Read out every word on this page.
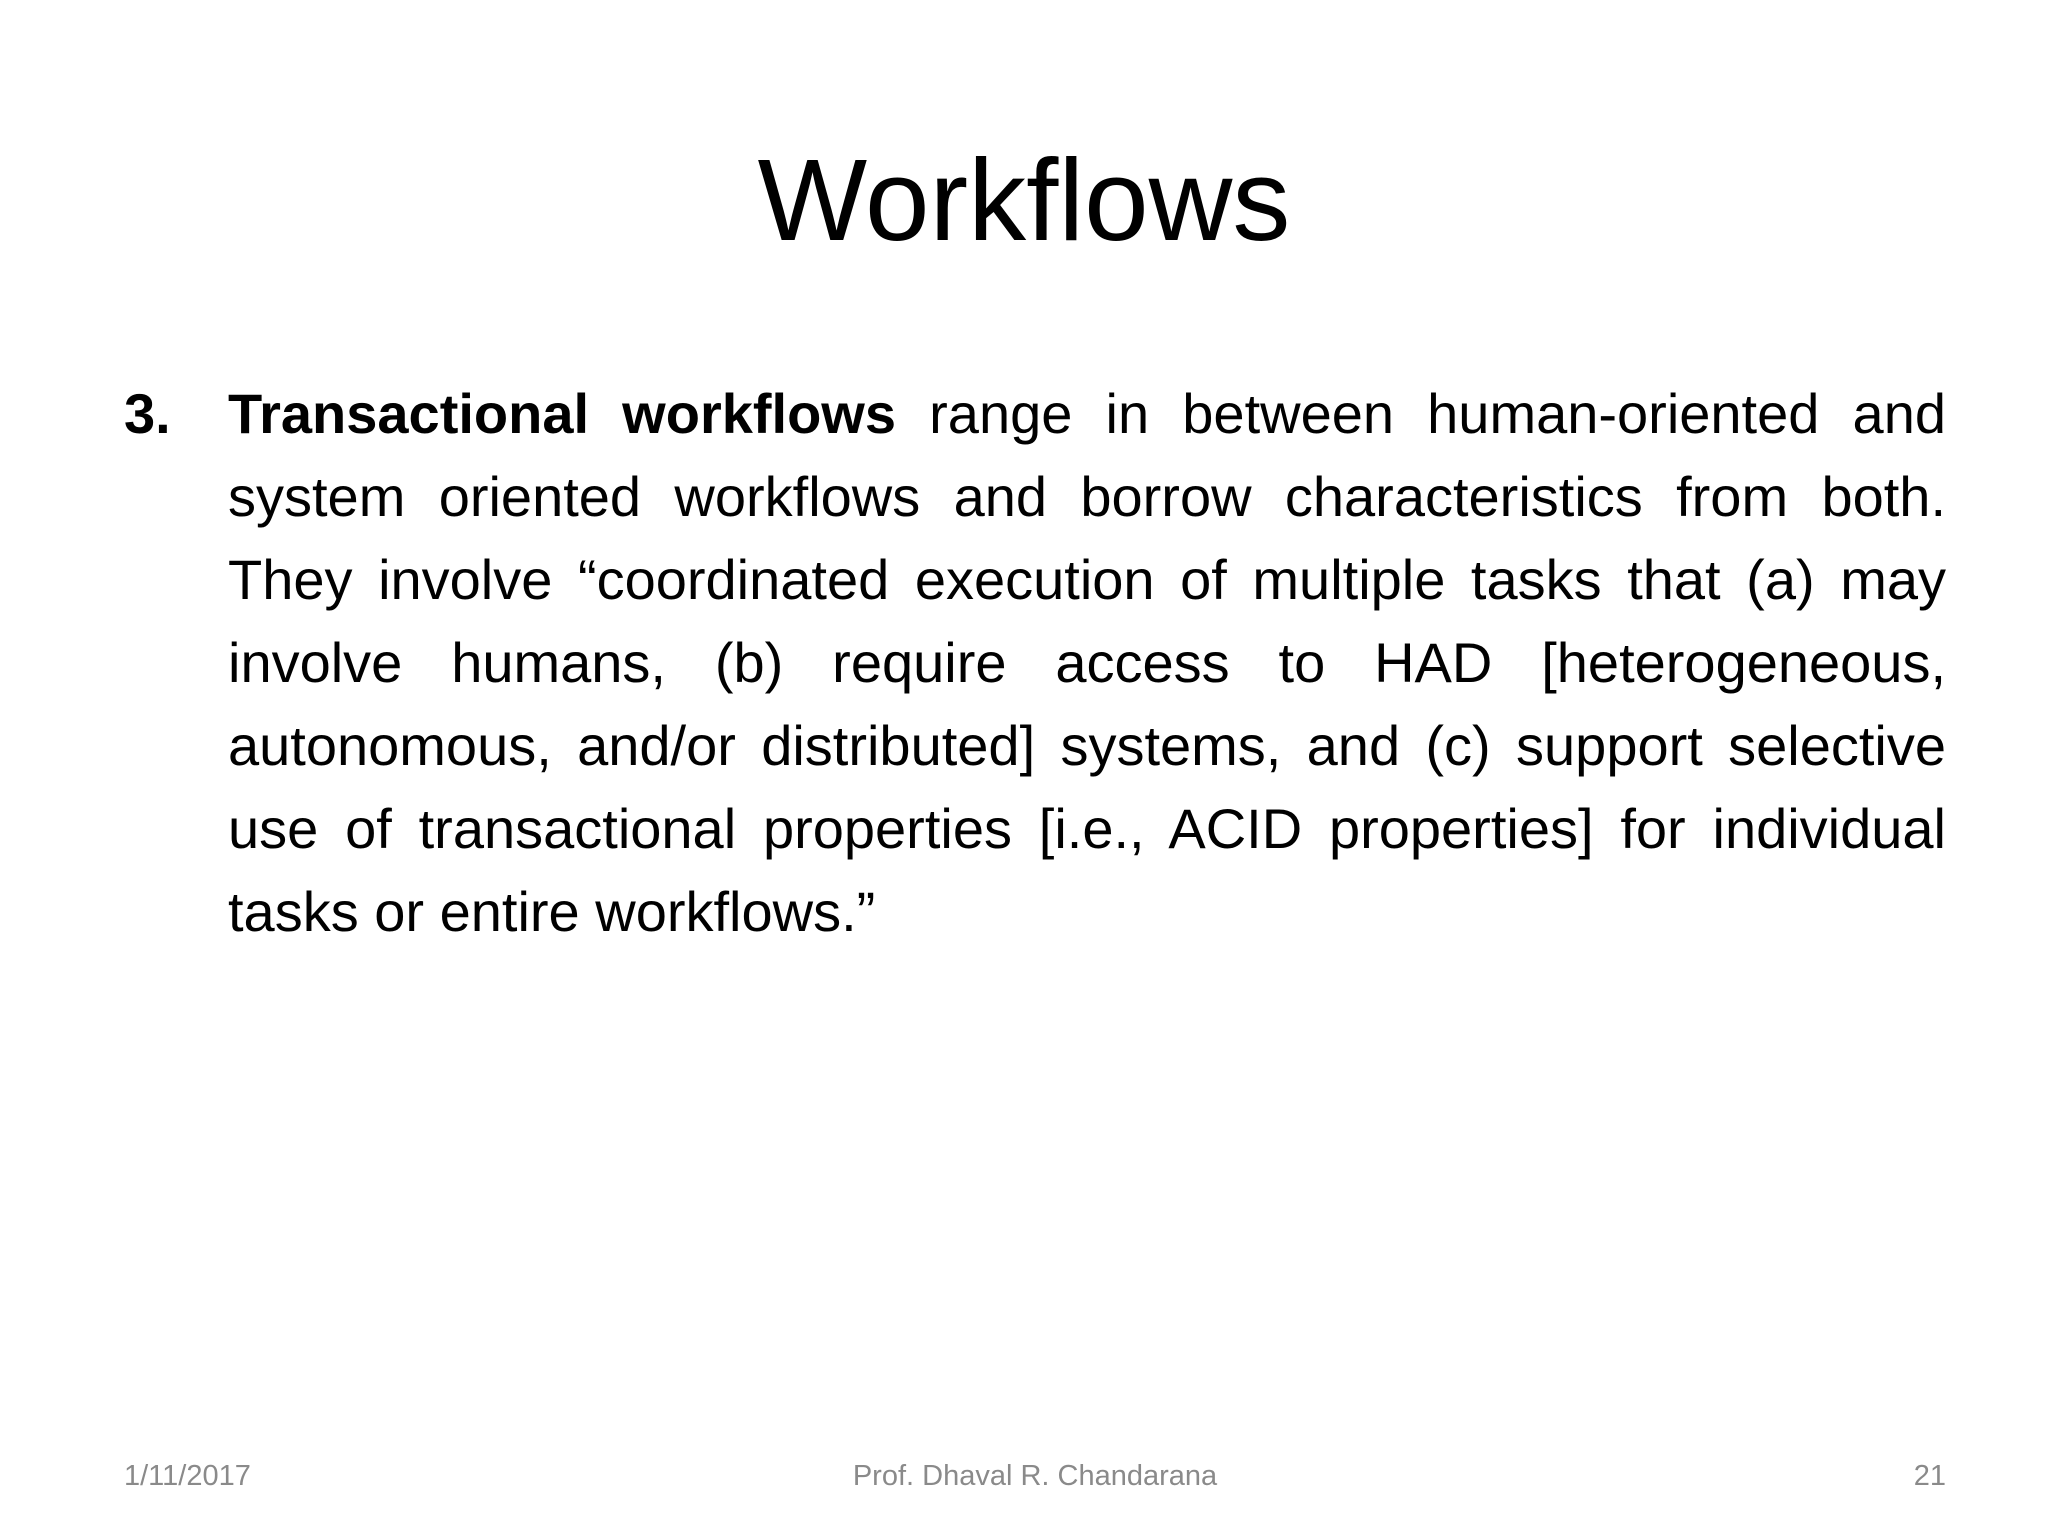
Workflows
3.	Transactional workflows range in between human-oriented and system oriented workflows and borrow characteristics from both. They involve “coordinated execution of multiple tasks that (a) may involve humans, (b) require access to HAD [heterogeneous, autonomous, and/or distributed] systems, and (c) support selective use of transactional properties [i.e., ACID properties] for individual tasks or entire workflows.”
1/11/2017	Prof. Dhaval R. Chandarana	21
